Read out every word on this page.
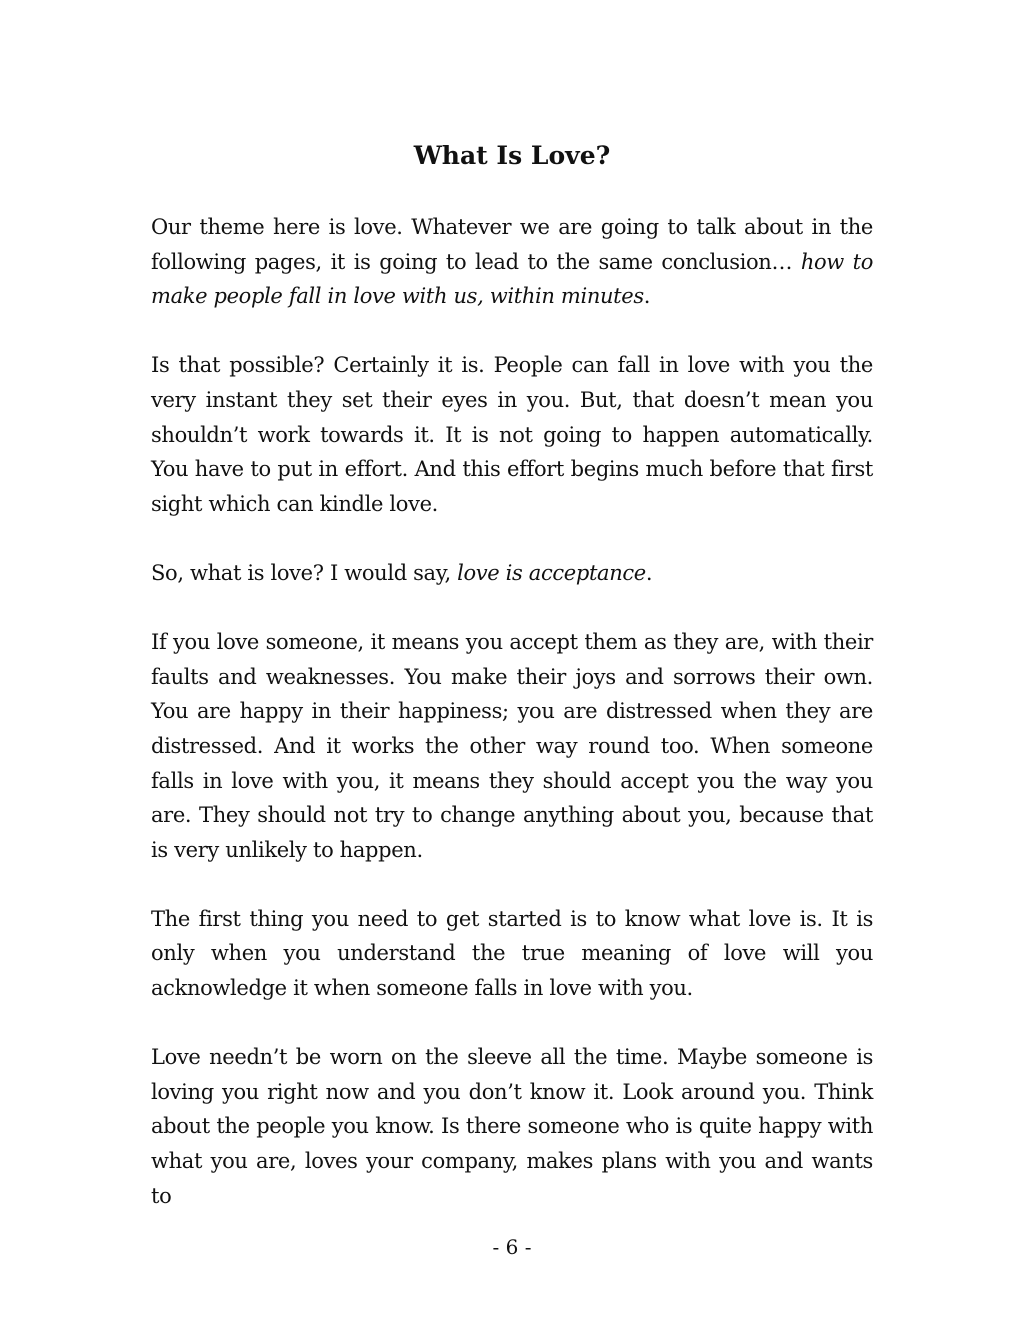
What Is Love?

Our theme here is love. Whatever we are going to talk about in the following pages, it is going to lead to the same conclusion… how to make people fall in love with us, within minutes.

Is that possible? Certainly it is. People can fall in love with you the very instant they set their eyes in you. But, that doesn’t mean you shouldn’t work towards it. It is not going to happen automatically. You have to put in effort. And this effort begins much before that first sight which can kindle love.

So, what is love? I would say, love is acceptance.

If you love someone, it means you accept them as they are, with their faults and weaknesses. You make their joys and sorrows their own. You are happy in their happiness; you are distressed when they are distressed. And it works the other way round too. When someone falls in love with you, it means they should accept you the way you are. They should not try to change anything about you, because that is very unlikely to happen.

The first thing you need to get started is to know what love is. It is only when you understand the true meaning of love will you acknowledge it when someone falls in love with you.

Love needn’t be worn on the sleeve all the time. Maybe someone is loving you right now and you don’t know it. Look around you. Think about the people you know. Is there someone who is quite happy with what you are, loves your company, makes plans with you and wants to

- 6 -
